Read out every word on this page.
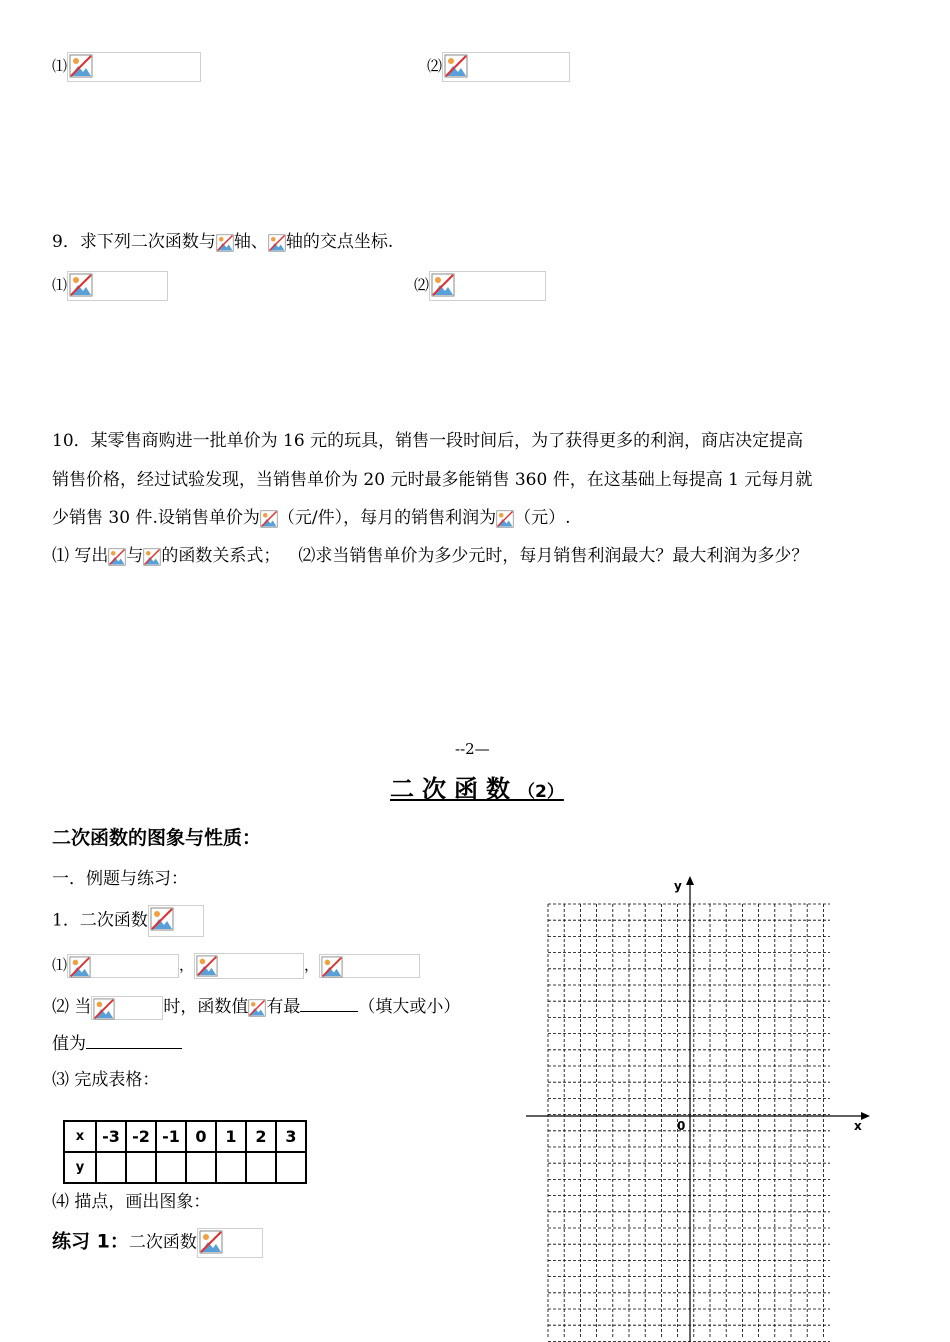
⑴	⑵
9．求下列二次函数与 轴、 轴的交点坐标.
⑴	⑵
10．某零售商购进一批单价为 16 元的玩具，销售一段时间后，为了获得更多的利润，商店决定提高
销售价格，经过试验发现，当销售单价为 20 元时最多能销售 360 件，在这基础上每提高 1 元每月就
少销售 30 件.设销售单价为 （元/件），每月的销售利润为 （元）.
⑴ 写出 与 的函数关系式； ⑵求当销售单价为多少元时，每月销售利润最大？最大利润为多少？
--2—
二次函数（2）
二次函数的图象与性质：
一．例题与练习：
1．二次函数
⑴	，	，
⑵ 当	时，函数值 有最	（填大或小）
值为
⑶ 完成表格：
x	-3	-2	-1	0	1	2	3
y							
⑷ 描点，画出图象：
练习 1：二次函数
y
x
0
